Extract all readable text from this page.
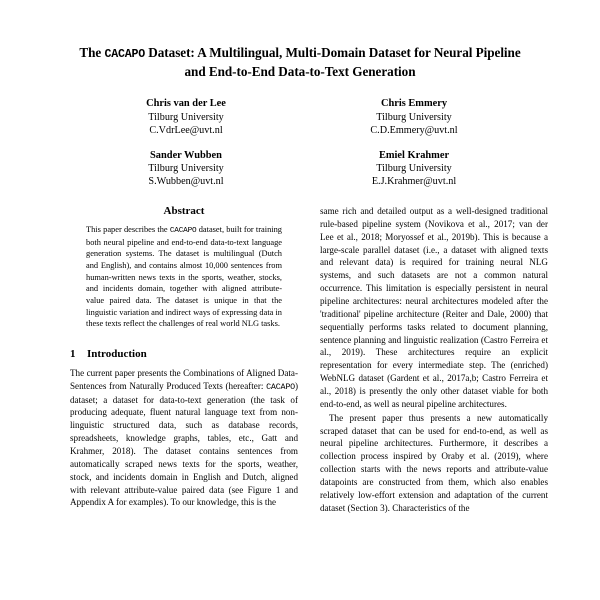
The CACAPO Dataset: A Multilingual, Multi-Domain Dataset for Neural Pipeline and End-to-End Data-to-Text Generation
Chris van der Lee
Tilburg University
C.VdrLee@uvt.nl
Chris Emmery
Tilburg University
C.D.Emmery@uvt.nl
Sander Wubben
Tilburg University
S.Wubben@uvt.nl
Emiel Krahmer
Tilburg University
E.J.Krahmer@uvt.nl
Abstract

This paper describes the CACAPO dataset, built for training both neural pipeline and end-to-end data-to-text language generation systems. The dataset is multilingual (Dutch and English), and contains almost 10,000 sentences from human-written news texts in the sports, weather, stocks, and incidents domain, together with aligned attribute-value paired data. The dataset is unique in that the linguistic variation and indirect ways of expressing data in these texts reflect the challenges of real world NLG tasks.

1	Introduction

The current paper presents the Combinations of Aligned Data-Sentences from Naturally Produced Texts (hereafter: CACAPO) dataset; a dataset for data-to-text generation (the task of producing adequate, fluent natural language text from non-linguistic structured data, such as database records, spreadsheets, knowledge graphs, tables, etc., Gatt and Krahmer, 2018). The dataset contains sentences from automatically scraped news texts for the sports, weather, stock, and incidents domain in English and Dutch, aligned with relevant attribute-value paired data (see Figure 1 and Appendix A for examples). To our knowledge, this is the

same rich and detailed output as a well-designed traditional rule-based pipeline system (Novikova et al., 2017; van der Lee et al., 2018; Moryossef et al., 2019b). This is because a large-scale parallel dataset (i.e., a dataset with aligned texts and relevant data) is required for training neural NLG systems, and such datasets are not a common natural occurrence. This limitation is especially persistent in neural pipeline architectures: neural architectures modeled after the 'traditional' pipeline architecture (Reiter and Dale, 2000) that sequentially performs tasks related to document planning, sentence planning and linguistic realization (Castro Ferreira et al., 2019). These architectures require an explicit representation for every intermediate step. The (enriched) WebNLG dataset (Gardent et al., 2017a,b; Castro Ferreira et al., 2018) is presently the only other dataset viable for both end-to-end, as well as neural pipeline architectures.

The present paper thus presents a new automatically scraped dataset that can be used for end-to-end, as well as neural pipeline architectures. Furthermore, it describes a collection process inspired by Oraby et al. (2019), where collection starts with the news reports and attribute-value datapoints are constructed from them, which also enables relatively low-effort extension and adaptation of the current dataset (Section 3). Characteristics of the
